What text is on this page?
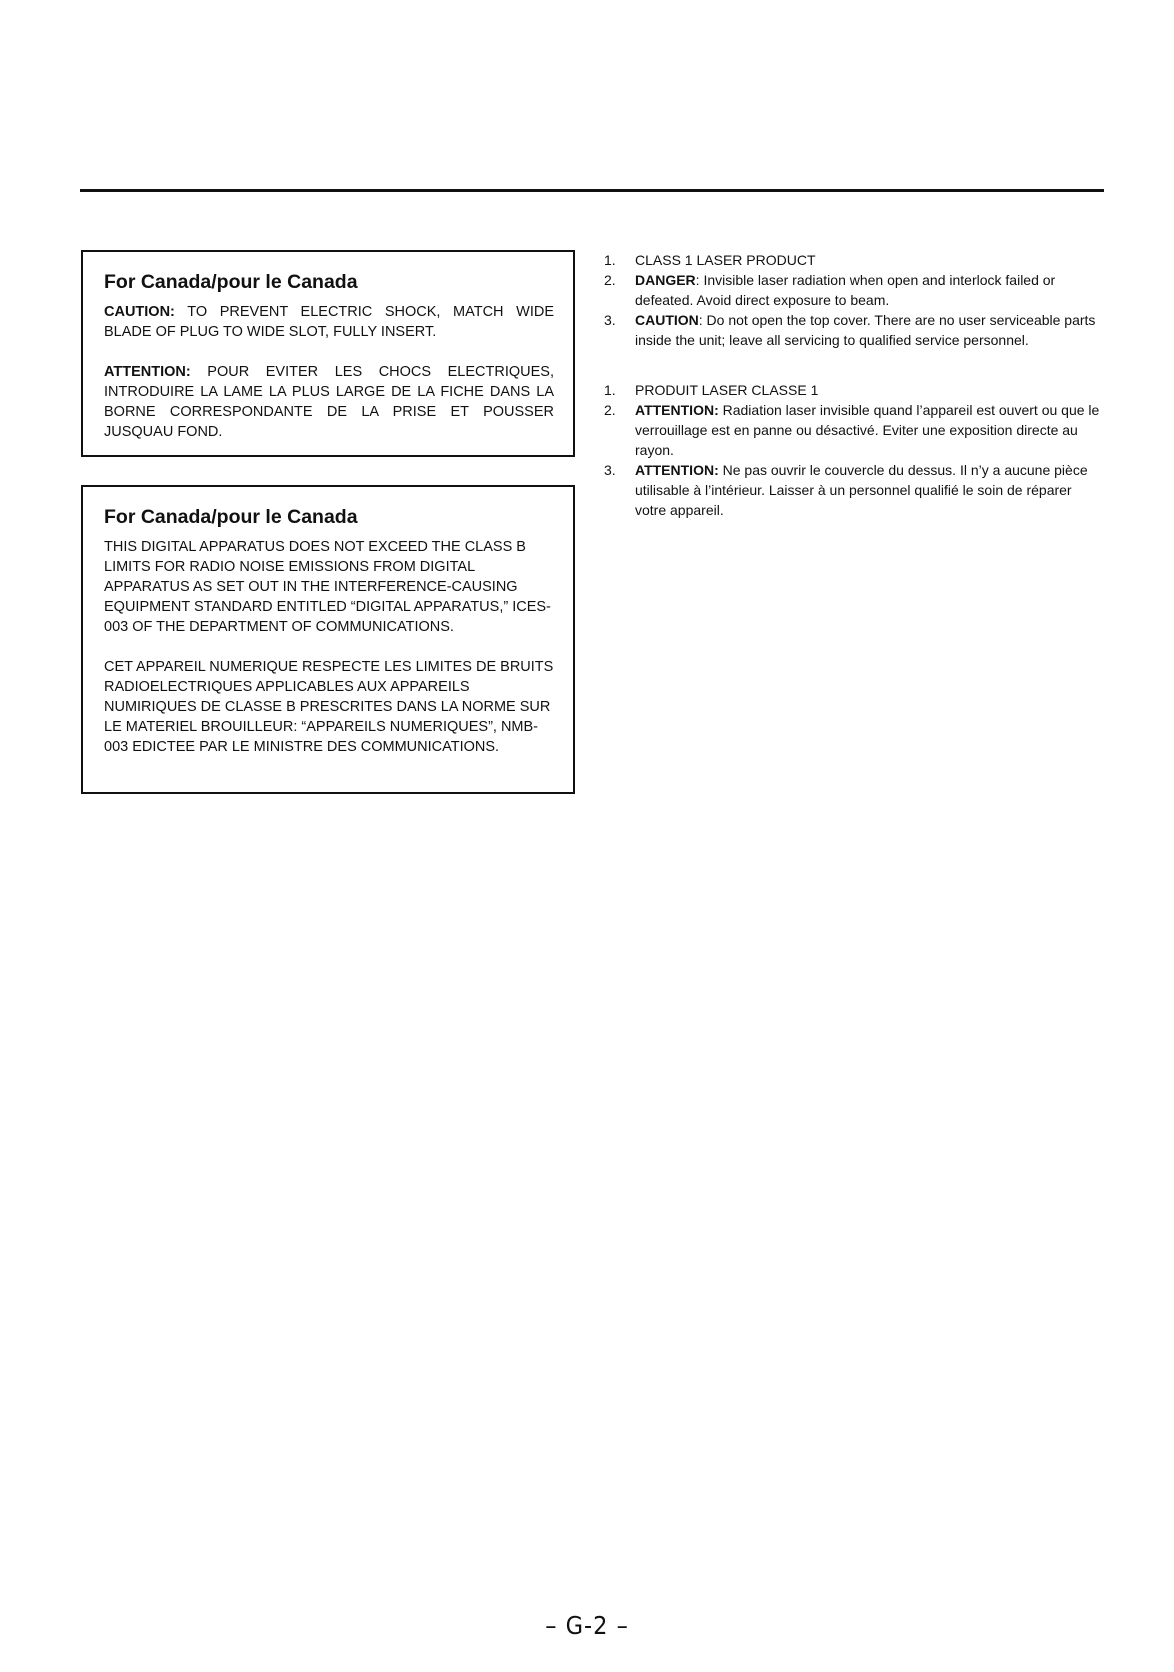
For Canada/pour le Canada

CAUTION: TO PREVENT ELECTRIC SHOCK, MATCH WIDE BLADE OF PLUG TO WIDE SLOT, FULLY INSERT.

ATTENTION: POUR EVITER LES CHOCS ELECTRIQUES, INTRODUIRE LA LAME LA PLUS LARGE DE LA FICHE DANS LA BORNE CORRESPONDANTE DE LA PRISE ET POUSSER JUSQUAU FOND.

For Canada/pour le Canada

THIS DIGITAL APPARATUS DOES NOT EXCEED THE CLASS B LIMITS FOR RADIO NOISE EMISSIONS FROM DIGITAL APPARATUS AS SET OUT IN THE INTERFERENCE-CAUSING EQUIPMENT STANDARD ENTITLED “DIGITAL APPARATUS,” ICES-003 OF THE DEPARTMENT OF COMMUNICATIONS.

CET APPAREIL NUMERIQUE RESPECTE LES LIMITES DE BRUITS RADIOELECTRIQUES APPLICABLES AUX APPAREILS NUMIRIQUES DE CLASSE B PRESCRITES DANS LA NORME SUR LE MATERIEL BROUILLEUR: “APPAREILS NUMERIQUES”, NMB-003 EDICTEE PAR LE MINISTRE DES COMMUNICATIONS.

1. CLASS 1 LASER PRODUCT
2. DANGER: Invisible laser radiation when open and interlock failed or defeated. Avoid direct exposure to beam.
3. CAUTION: Do not open the top cover. There are no user serviceable parts inside the unit; leave all servicing to qualified service personnel.
1. PRODUIT LASER CLASSE 1
2. ATTENTION: Radiation laser invisible quand l’appareil est ouvert ou que le verrouillage est en panne ou désactivé. Eviter une exposition directe au rayon.
3. ATTENTION: Ne pas ouvrir le couvercle du dessus. Il n’y a aucune pièce utilisable à l’intérieur. Laisser à un personnel qualifié le soin de réparer votre appareil.
– G-2 –
